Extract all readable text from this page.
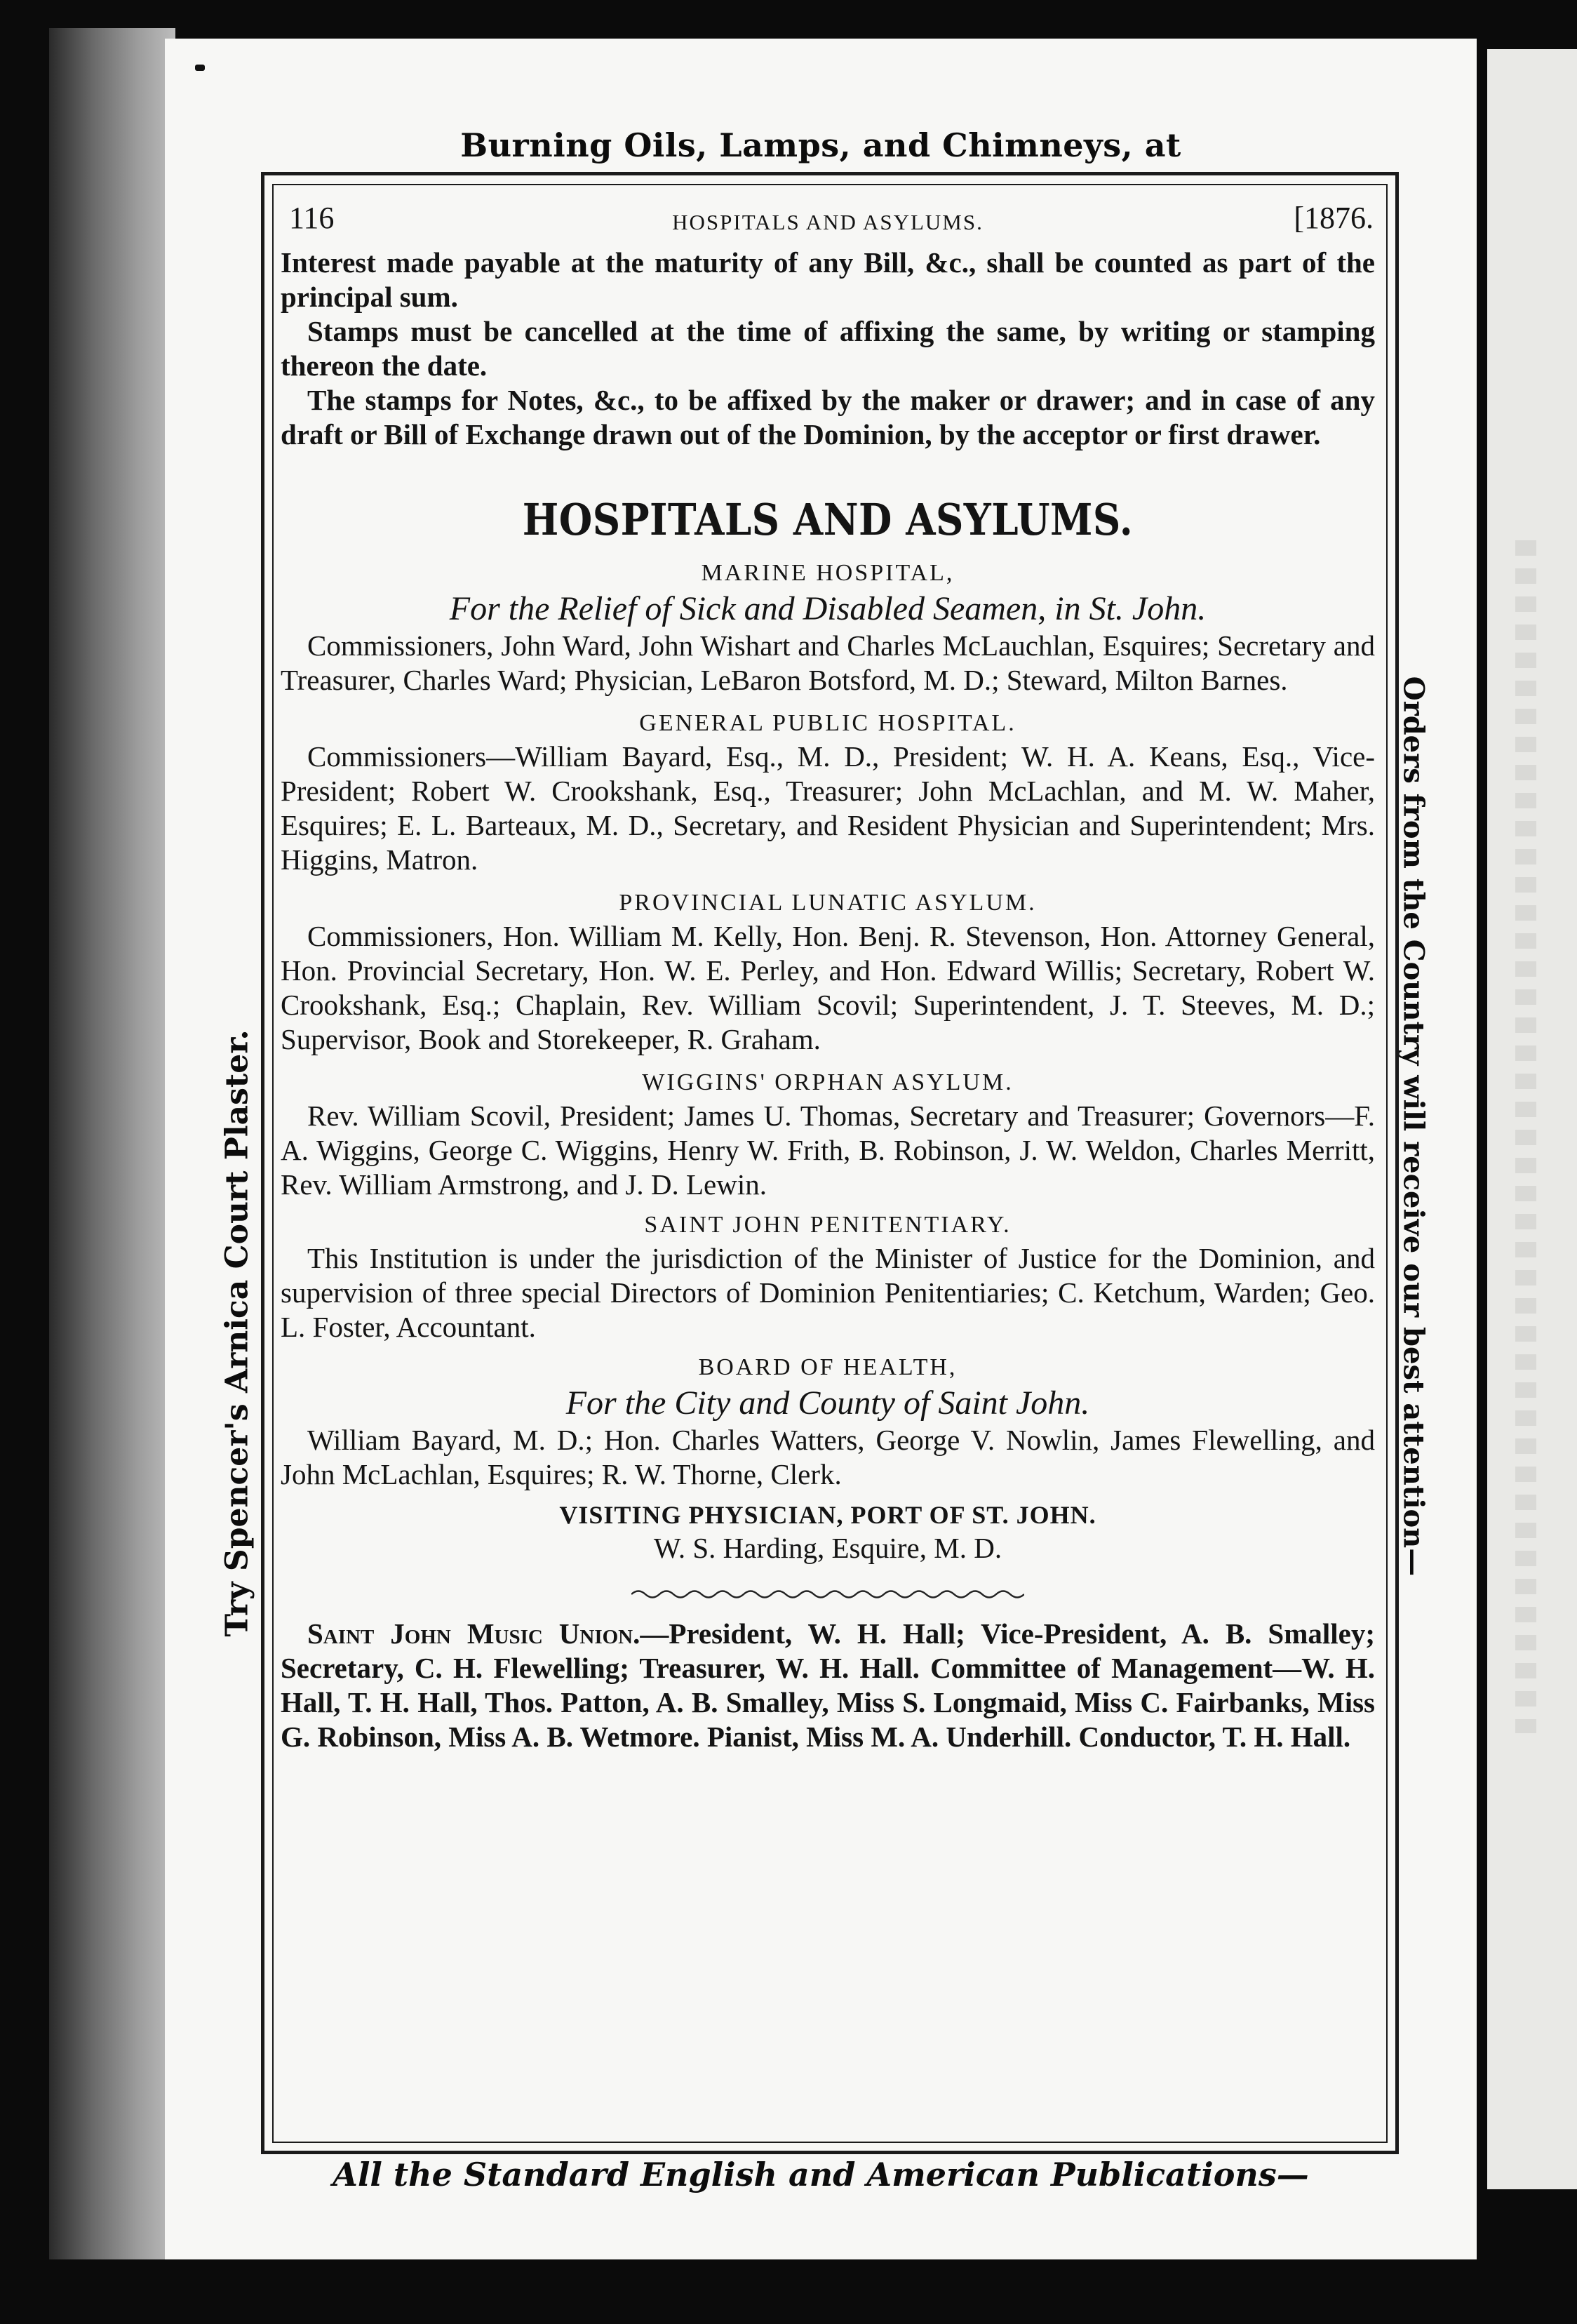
Burning Oils, Lamps, and Chimneys, at
Try Spencer's Arnica Court Plaster.	Orders from the Country will receive our best attention—
116	HOSPITALS AND ASYLUMS.	[1876.

Interest made payable at the maturity of any Bill, &c., shall be counted as part of the principal sum.

Stamps must be cancelled at the time of affixing the same, by writing or stamping thereon the date.

The stamps for Notes, &c., to be affixed by the maker or drawer; and in case of any draft or Bill of Exchange drawn out of the Dominion, by the acceptor or first drawer.

HOSPITALS AND ASYLUMS.
MARINE HOSPITAL,
For the Relief of Sick and Disabled Seamen, in St. John.

Commissioners, John Ward, John Wishart and Charles McLauchlan, Esquires; Secretary and Treasurer, Charles Ward; Physician, LeBaron Botsford, M. D.; Steward, Milton Barnes.

GENERAL PUBLIC HOSPITAL.

Commissioners—William Bayard, Esq., M. D., President; W. H. A. Keans, Esq., Vice-President; Robert W. Crookshank, Esq., Treasurer; John McLachlan, and M. W. Maher, Esquires; E. L. Barteaux, M. D., Secretary, and Resident Physician and Superintendent; Mrs. Higgins, Matron.

PROVINCIAL LUNATIC ASYLUM.

Commissioners, Hon. William M. Kelly, Hon. Benj. R. Stevenson, Hon. Attorney General, Hon. Provincial Secretary, Hon. W. E. Perley, and Hon. Edward Willis; Secretary, Robert W. Crookshank, Esq.; Chaplain, Rev. William Scovil; Superintendent, J. T. Steeves, M. D.; Supervisor, Book and Storekeeper, R. Graham.

WIGGINS' ORPHAN ASYLUM.

Rev. William Scovil, President; James U. Thomas, Secretary and Treasurer; Governors—F. A. Wiggins, George C. Wiggins, Henry W. Frith, B. Robinson, J. W. Weldon, Charles Merritt, Rev. William Armstrong, and J. D. Lewin.

SAINT JOHN PENITENTIARY.

This Institution is under the jurisdiction of the Minister of Justice for the Dominion, and supervision of three special Directors of Dominion Penitentiaries; C. Ketchum, Warden; Geo. L. Foster, Accountant.

BOARD OF HEALTH,
For the City and County of Saint John.

William Bayard, M. D.; Hon. Charles Watters, George V. Nowlin, James Flewelling, and John McLachlan, Esquires; R. W. Thorne, Clerk.

VISITING PHYSICIAN, PORT OF ST. JOHN.
W. S. Harding, Esquire, M. D.

Saint John Music Union.—President, W. H. Hall; Vice-President, A. B. Smalley; Secretary, C. H. Flewelling; Treasurer, W. H. Hall. Committee of Management—W. H. Hall, T. H. Hall, Thos. Patton, A. B. Smalley, Miss S. Longmaid, Miss C. Fairbanks, Miss G. Robinson, Miss A. B. Wetmore. Pianist, Miss M. A. Underhill. Conductor, T. H. Hall.

All the Standard English and American Publications—
